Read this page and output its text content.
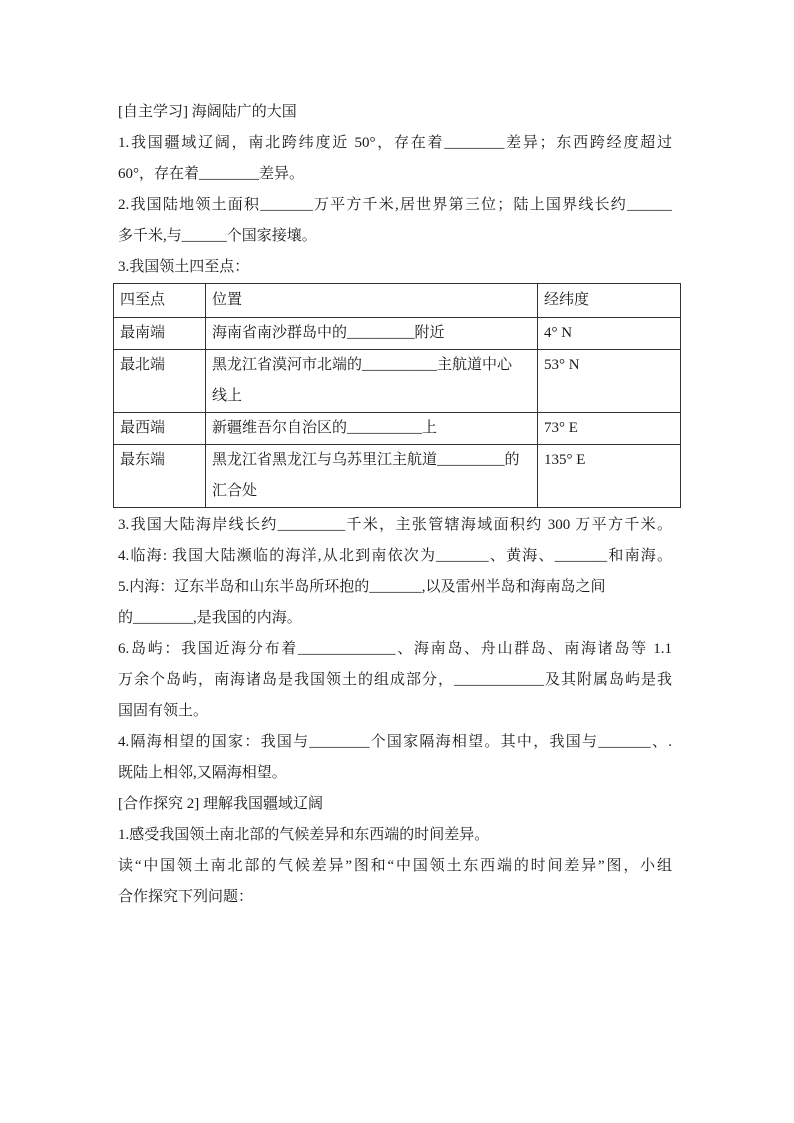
[自主学习] 海阔陆广的大国
1.我国疆域辽阔，南北跨纬度近 50°，存在着________差异；东西跨经度超过
60°，存在着________差异。
2.我国陆地领土面积_______万平方千米,居世界第三位；陆上国界线长约______
多千米,与______个国家接壤。
3.我国领土四至点：
四至点	位置	经纬度
最南端	海南省南沙群岛中的_________附近	4° N
最北端	黑龙江省漠河市北端的__________主航道中心线上	53° N
最西端	新疆维吾尔自治区的__________上	73° E
最东端	黑龙江省黑龙江与乌苏里江主航道_________的汇合处	135° E
3.我国大陆海岸线长约_________千米，主张管辖海域面积约 300 万平方千米。
4.临海: 我国大陆濒临的海洋,从北到南依次为_______、黄海、_______和南海。
5.内海：辽东半岛和山东半岛所环抱的_______,以及雷州半岛和海南岛之间
的________,是我国的内海。
6.岛屿：我国近海分布着_____________、海南岛、舟山群岛、南海诸岛等 1.1
万余个岛屿，南海诸岛是我国领土的组成部分，____________及其附属岛屿是我
国固有领土。
4.隔海相望的国家：我国与________个国家隔海相望。其中，我国与_______、.
既陆上相邻,又隔海相望。
[合作探究 2] 理解我国疆域辽阔
1.感受我国领土南北部的气候差异和东西端的时间差异。
读“中国领土南北部的气候差异”图和“中国领土东西端的时间差异”图，小组
合作探究下列问题：
